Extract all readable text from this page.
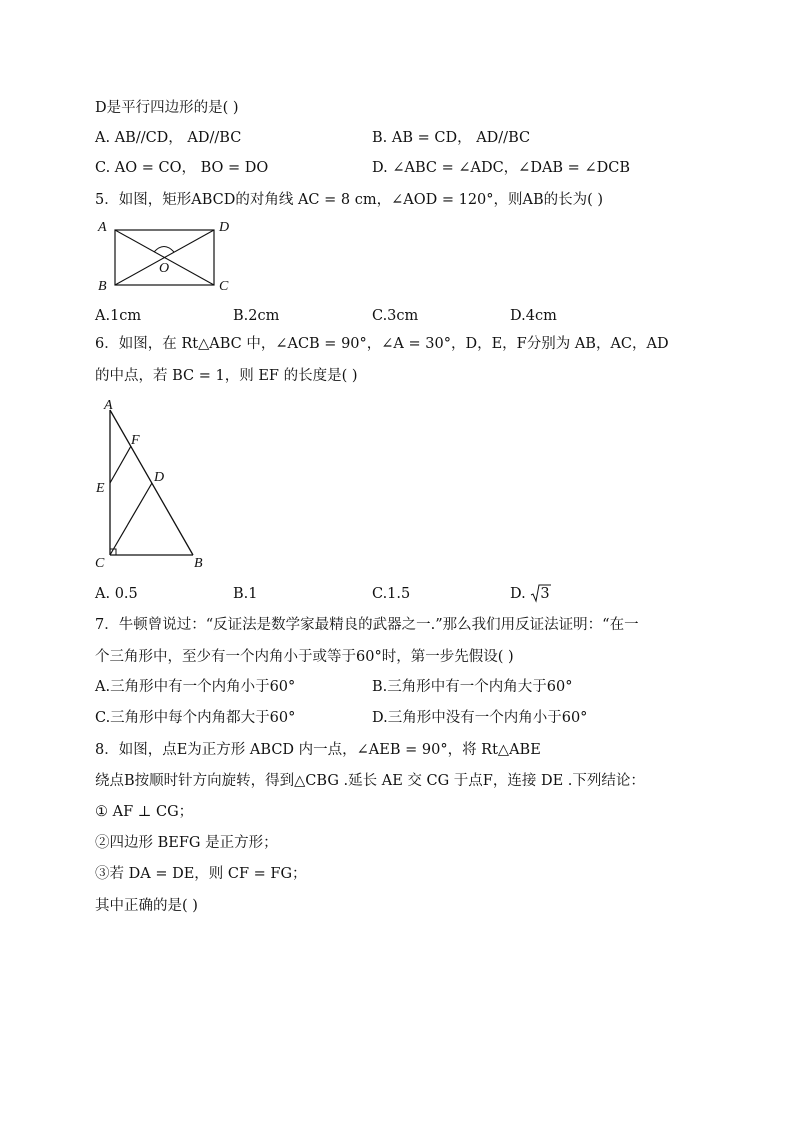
D是平行四边形的是( )
A. AB//CD， AD//BC	B. AB = CD， AD//BC
C. AO = CO， BO = DO	D. ∠ABC = ∠ADC，∠DAB = ∠DCB
5．如图，矩形ABCD的对角线 AC = 8 cm，∠AOD = 120°，则AB的长为( )
A	D
B	C
O
A.1cm	B.2cm	C.3cm	D.4cm
6．如图，在 Rt△ABC 中，∠ACB = 90°，∠A = 30°，D，E，F分别为 AB，AC，AD
的中点，若 BC = 1，则 EF 的长度是( )
A
F
D
E
C	B
A. 0.5	B.1	C.1.5	D.
3
7．牛顿曾说过：“反证法是数学家最精良的武器之一.”那么我们用反证法证明：“在一
个三角形中，至少有一个内角小于或等于60°时，第一步先假设( )
A.三角形中有一个内角小于60°	B.三角形中有一个内角大于60°
C.三角形中每个内角都大于60°	D.三角形中没有一个内角小于60°
8．如图，点E为正方形 ABCD 内一点，∠AEB = 90°，将 Rt△ABE
绕点B按顺时针方向旋转，得到△CBG .延长 AE 交 CG 于点F，连接 DE .下列结论：
① AF ⊥ CG；
②四边形 BEFG 是正方形；
③若 DA = DE，则 CF = FG；
其中正确的是( )
